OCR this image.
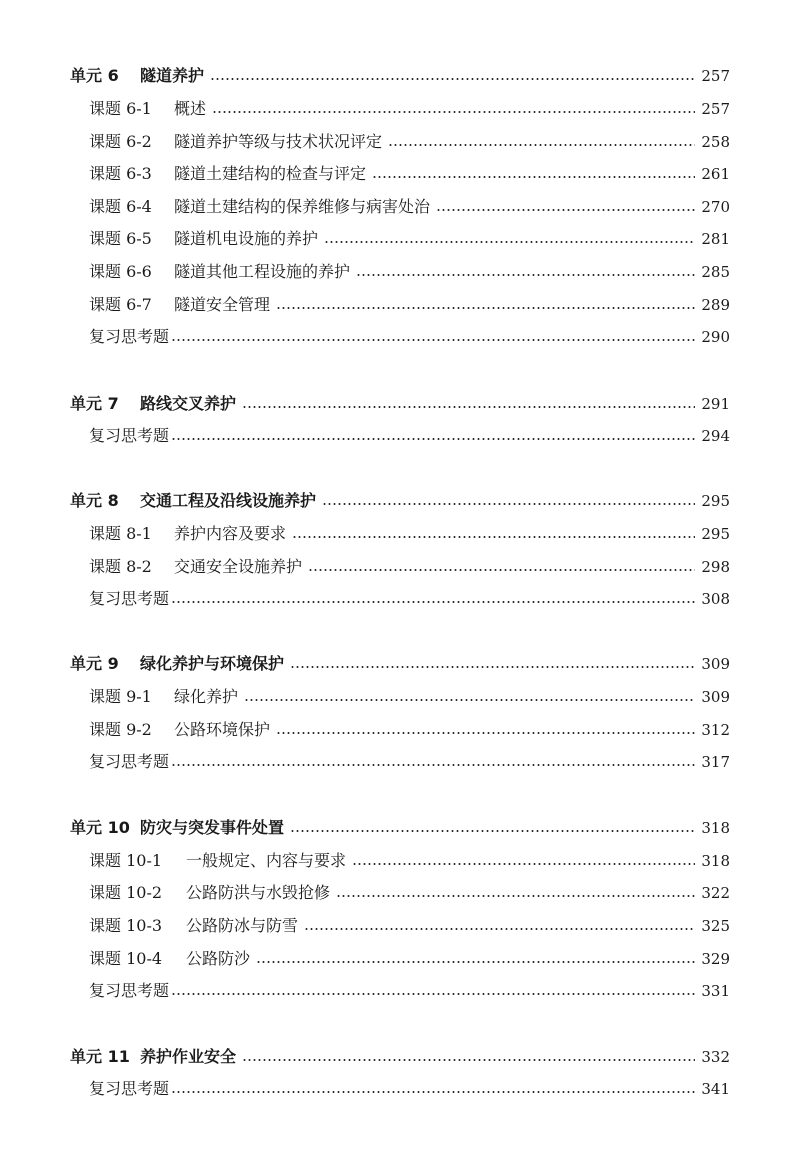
单元 6	隧道养护	257
课题 6-1	概述	257
课题 6-2	隧道养护等级与技术状况评定	258
课题 6-3	隧道土建结构的检查与评定	261
课题 6-4	隧道土建结构的保养维修与病害处治	270
课题 6-5	隧道机电设施的养护	281
课题 6-6	隧道其他工程设施的养护	285
课题 6-7	隧道安全管理	289
复习思考题	290
单元 7	路线交叉养护	291
复习思考题	294
单元 8	交通工程及沿线设施养护	295
课题 8-1	养护内容及要求	295
课题 8-2	交通安全设施养护	298
复习思考题	308
单元 9	绿化养护与环境保护	309
课题 9-1	绿化养护	309
课题 9-2	公路环境保护	312
复习思考题	317
单元 10 防灾与突发事件处置	318
课题 10-1	一般规定、内容与要求	318
课题 10-2	公路防洪与水毁抢修	322
课题 10-3	公路防冰与防雪	325
课题 10-4	公路防沙	329
复习思考题	331
单元 11 养护作业安全	332
复习思考题	341
